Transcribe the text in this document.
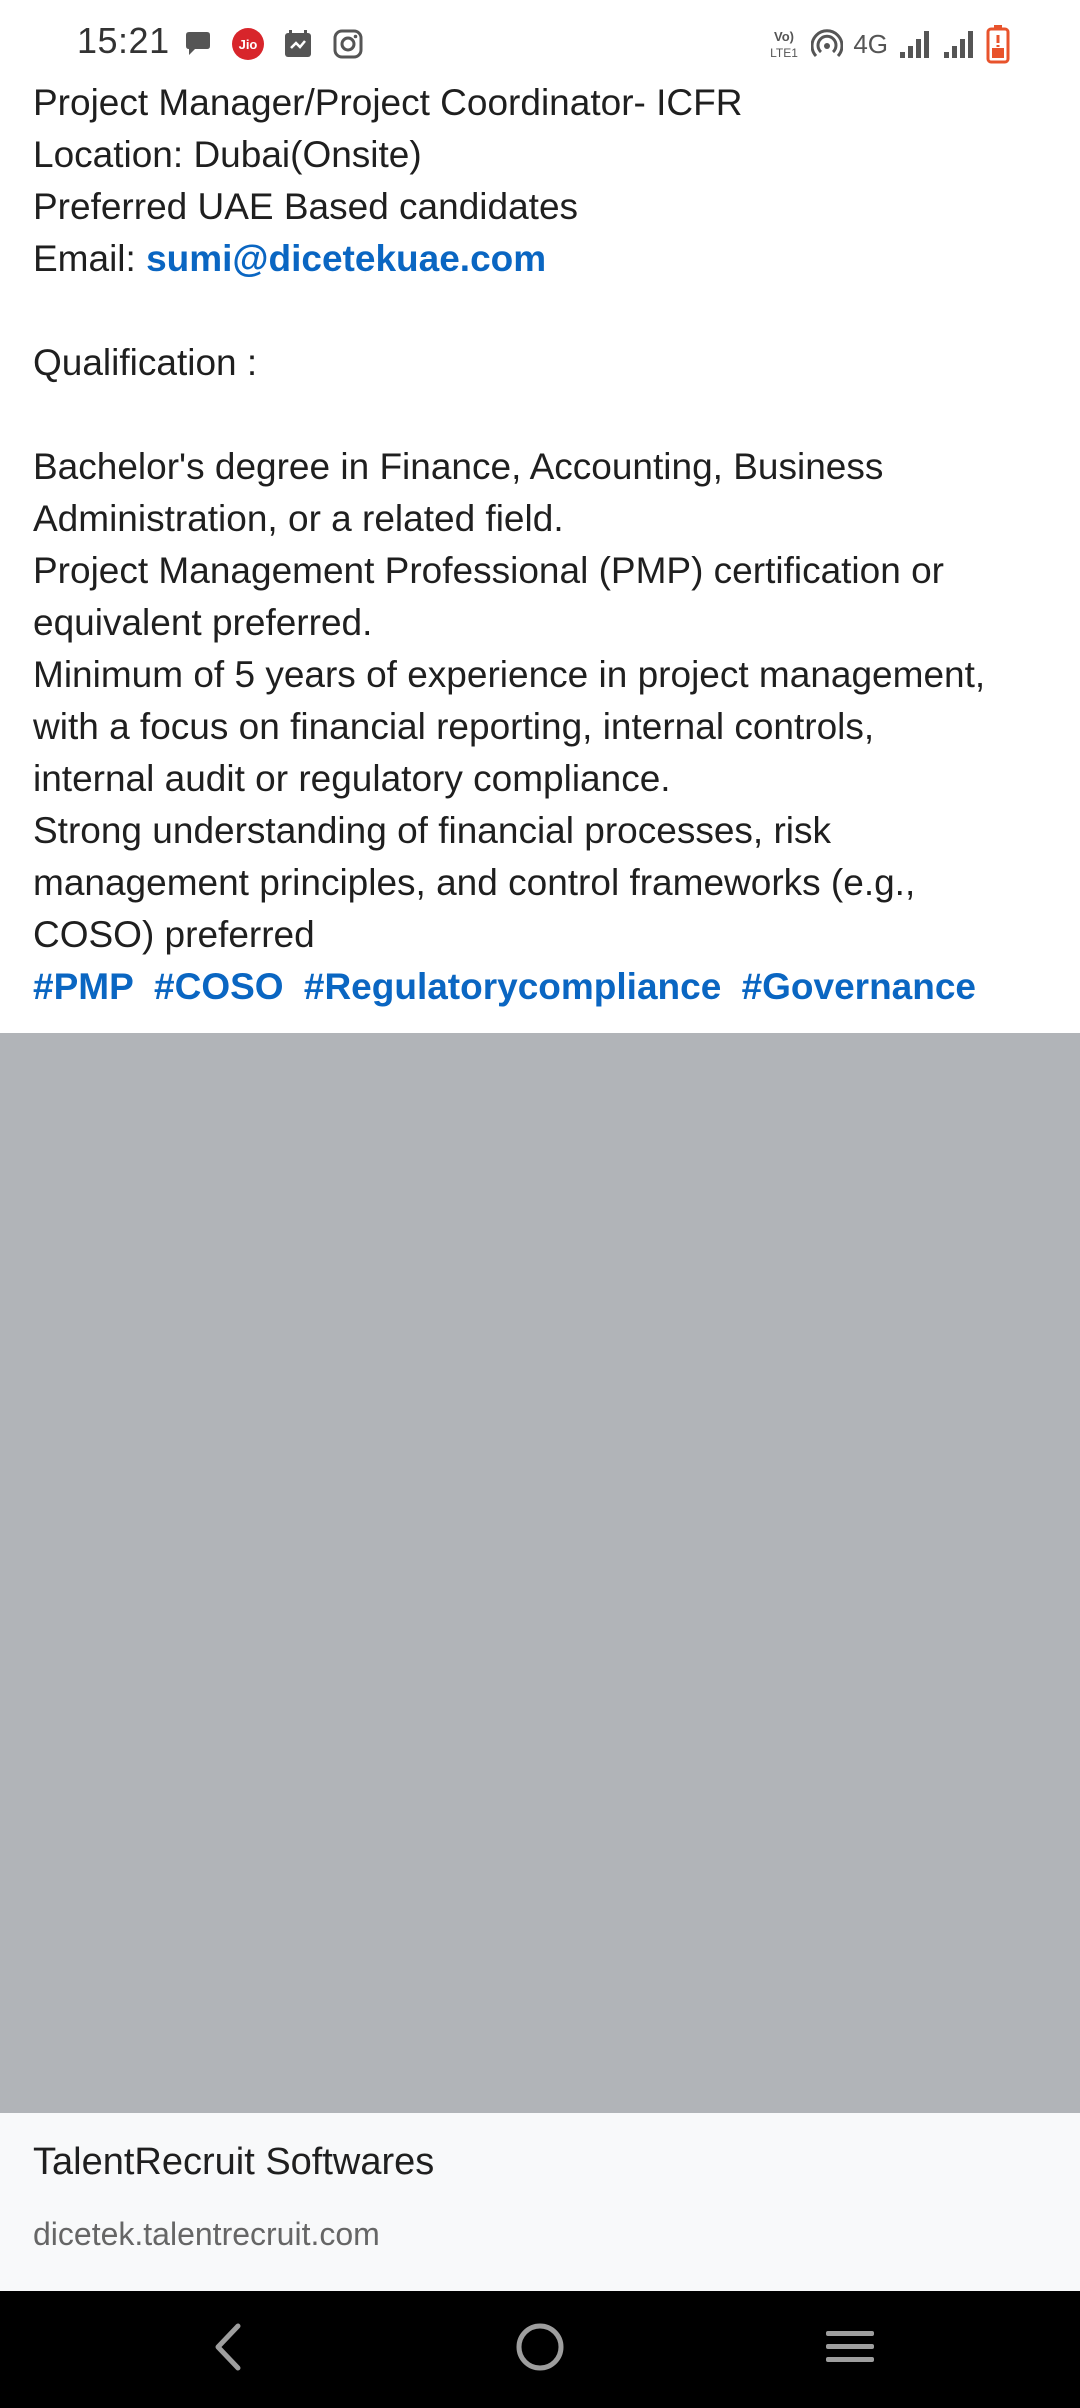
15:21	Jio
Vo)
LTE1 4G
Project Manager/Project Coordinator- ICFR
Location: Dubai(Onsite)
Preferred UAE Based candidates
Email: sumi@dicetekuae.com
Qualification :
Bachelor's degree in Finance, Accounting, Business
Administration, or a related field.
Project Management Professional (PMP) certification or
equivalent preferred.
Minimum of 5 years of experience in project management,
with a focus on financial reporting, internal controls,
internal audit or regulatory compliance.
Strong understanding of financial processes, risk
management principles, and control frameworks (e.g.,
COSO) preferred
#PMP #COSO #Regulatorycompliance #Governance
TalentRecruit Softwares
dicetek.talentrecruit.com
